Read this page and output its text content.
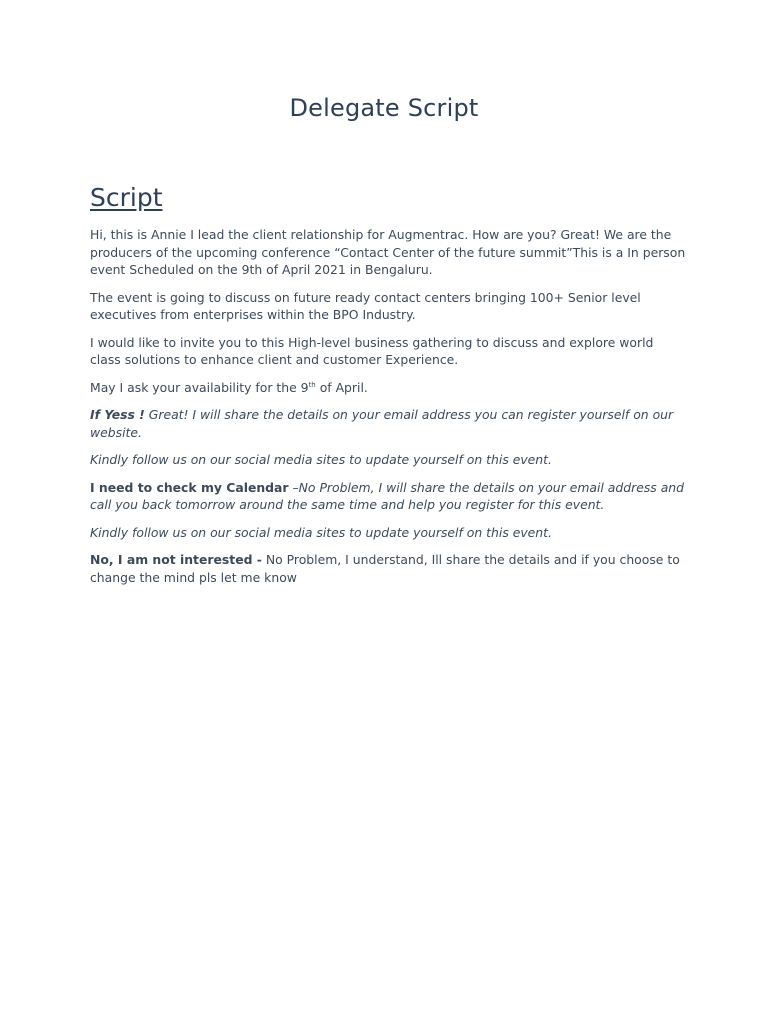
Delegate Script
Script

Hi, this is Annie I lead the client relationship for Augmentrac. How are you? Great! We are the producers of the upcoming conference “Contact Center of the future summit”This is a In person event Scheduled on the 9th of April 2021 in Bengaluru.

The event is going to discuss on future ready contact centers bringing 100+ Senior level executives from enterprises within the BPO Industry.

I would like to invite you to this High-level business gathering to discuss and explore world class solutions to enhance client and customer Experience.

May I ask your availability for the 9th of April.

If Yess ! Great! I will share the details on your email address you can register yourself on our website.

Kindly follow us on our social media sites to update yourself on this event.

I need to check my Calendar –No Problem, I will share the details on your email address and call you back tomorrow around the same time and help you register for this event.

Kindly follow us on our social media sites to update yourself on this event.

No, I am not interested - No Problem, I understand, Ill share the details and if you choose to change the mind pls let me know
